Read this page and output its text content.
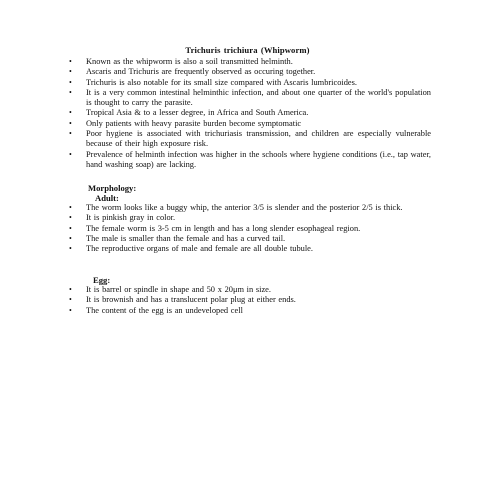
Trichuris trichiura (Whipworm)
• Known as the whipworm is also a soil transmitted helminth.
• Ascaris and Trichuris are frequently observed as occuring together.
• Trichuris is also notable for its small size compared with Ascaris lumbricoides.
• It is a very common intestinal helminthic infection, and about one quarter of the world's population is thought to carry the parasite.
• Tropical Asia & to a lesser degree, in Africa and South America.
• Only patients with heavy parasite burden become symptomatic
• Poor hygiene is associated with trichuriasis transmission, and children are especially vulnerable because of their high exposure risk.
• Prevalence of helminth infection was higher in the schools where hygiene conditions (i.e., tap water, hand washing soap) are lacking.
Morphology:
Adult:
• The worm looks like a buggy whip, the anterior 3/5 is slender and the posterior 2/5 is thick.
• It is pinkish gray in color.
• The female worm is 3-5 cm in length and has a long slender esophageal region.
• The male is smaller than the female and has a curved tail.
• The reproductive organs of male and female are all double tubule.
Egg:
• It is barrel or spindle in shape and 50 x 20μm in size.
• It is brownish and has a translucent polar plug at either ends.
• The content of the egg is an undeveloped cell
